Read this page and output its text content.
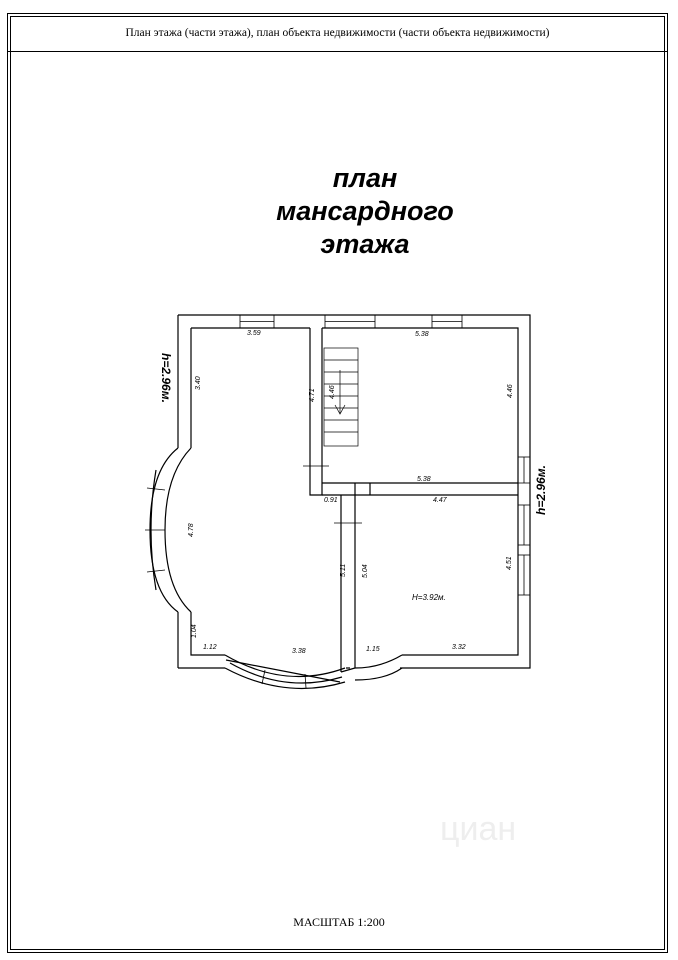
План этажа (части этажа), план объекта недвижимости (части объекта недвижимости)
план
мансардного
этажа
циан
3.59
3.40
4.71 4.46
5.38
4.46
5.38
0.91	4.47
4.78
5.11 5.04
4.51
1.04
1.12
3.38	1.15	3.32
H=3.92м.
h=2.96м.
h=2.96м.
МАСШТАБ 1:200
